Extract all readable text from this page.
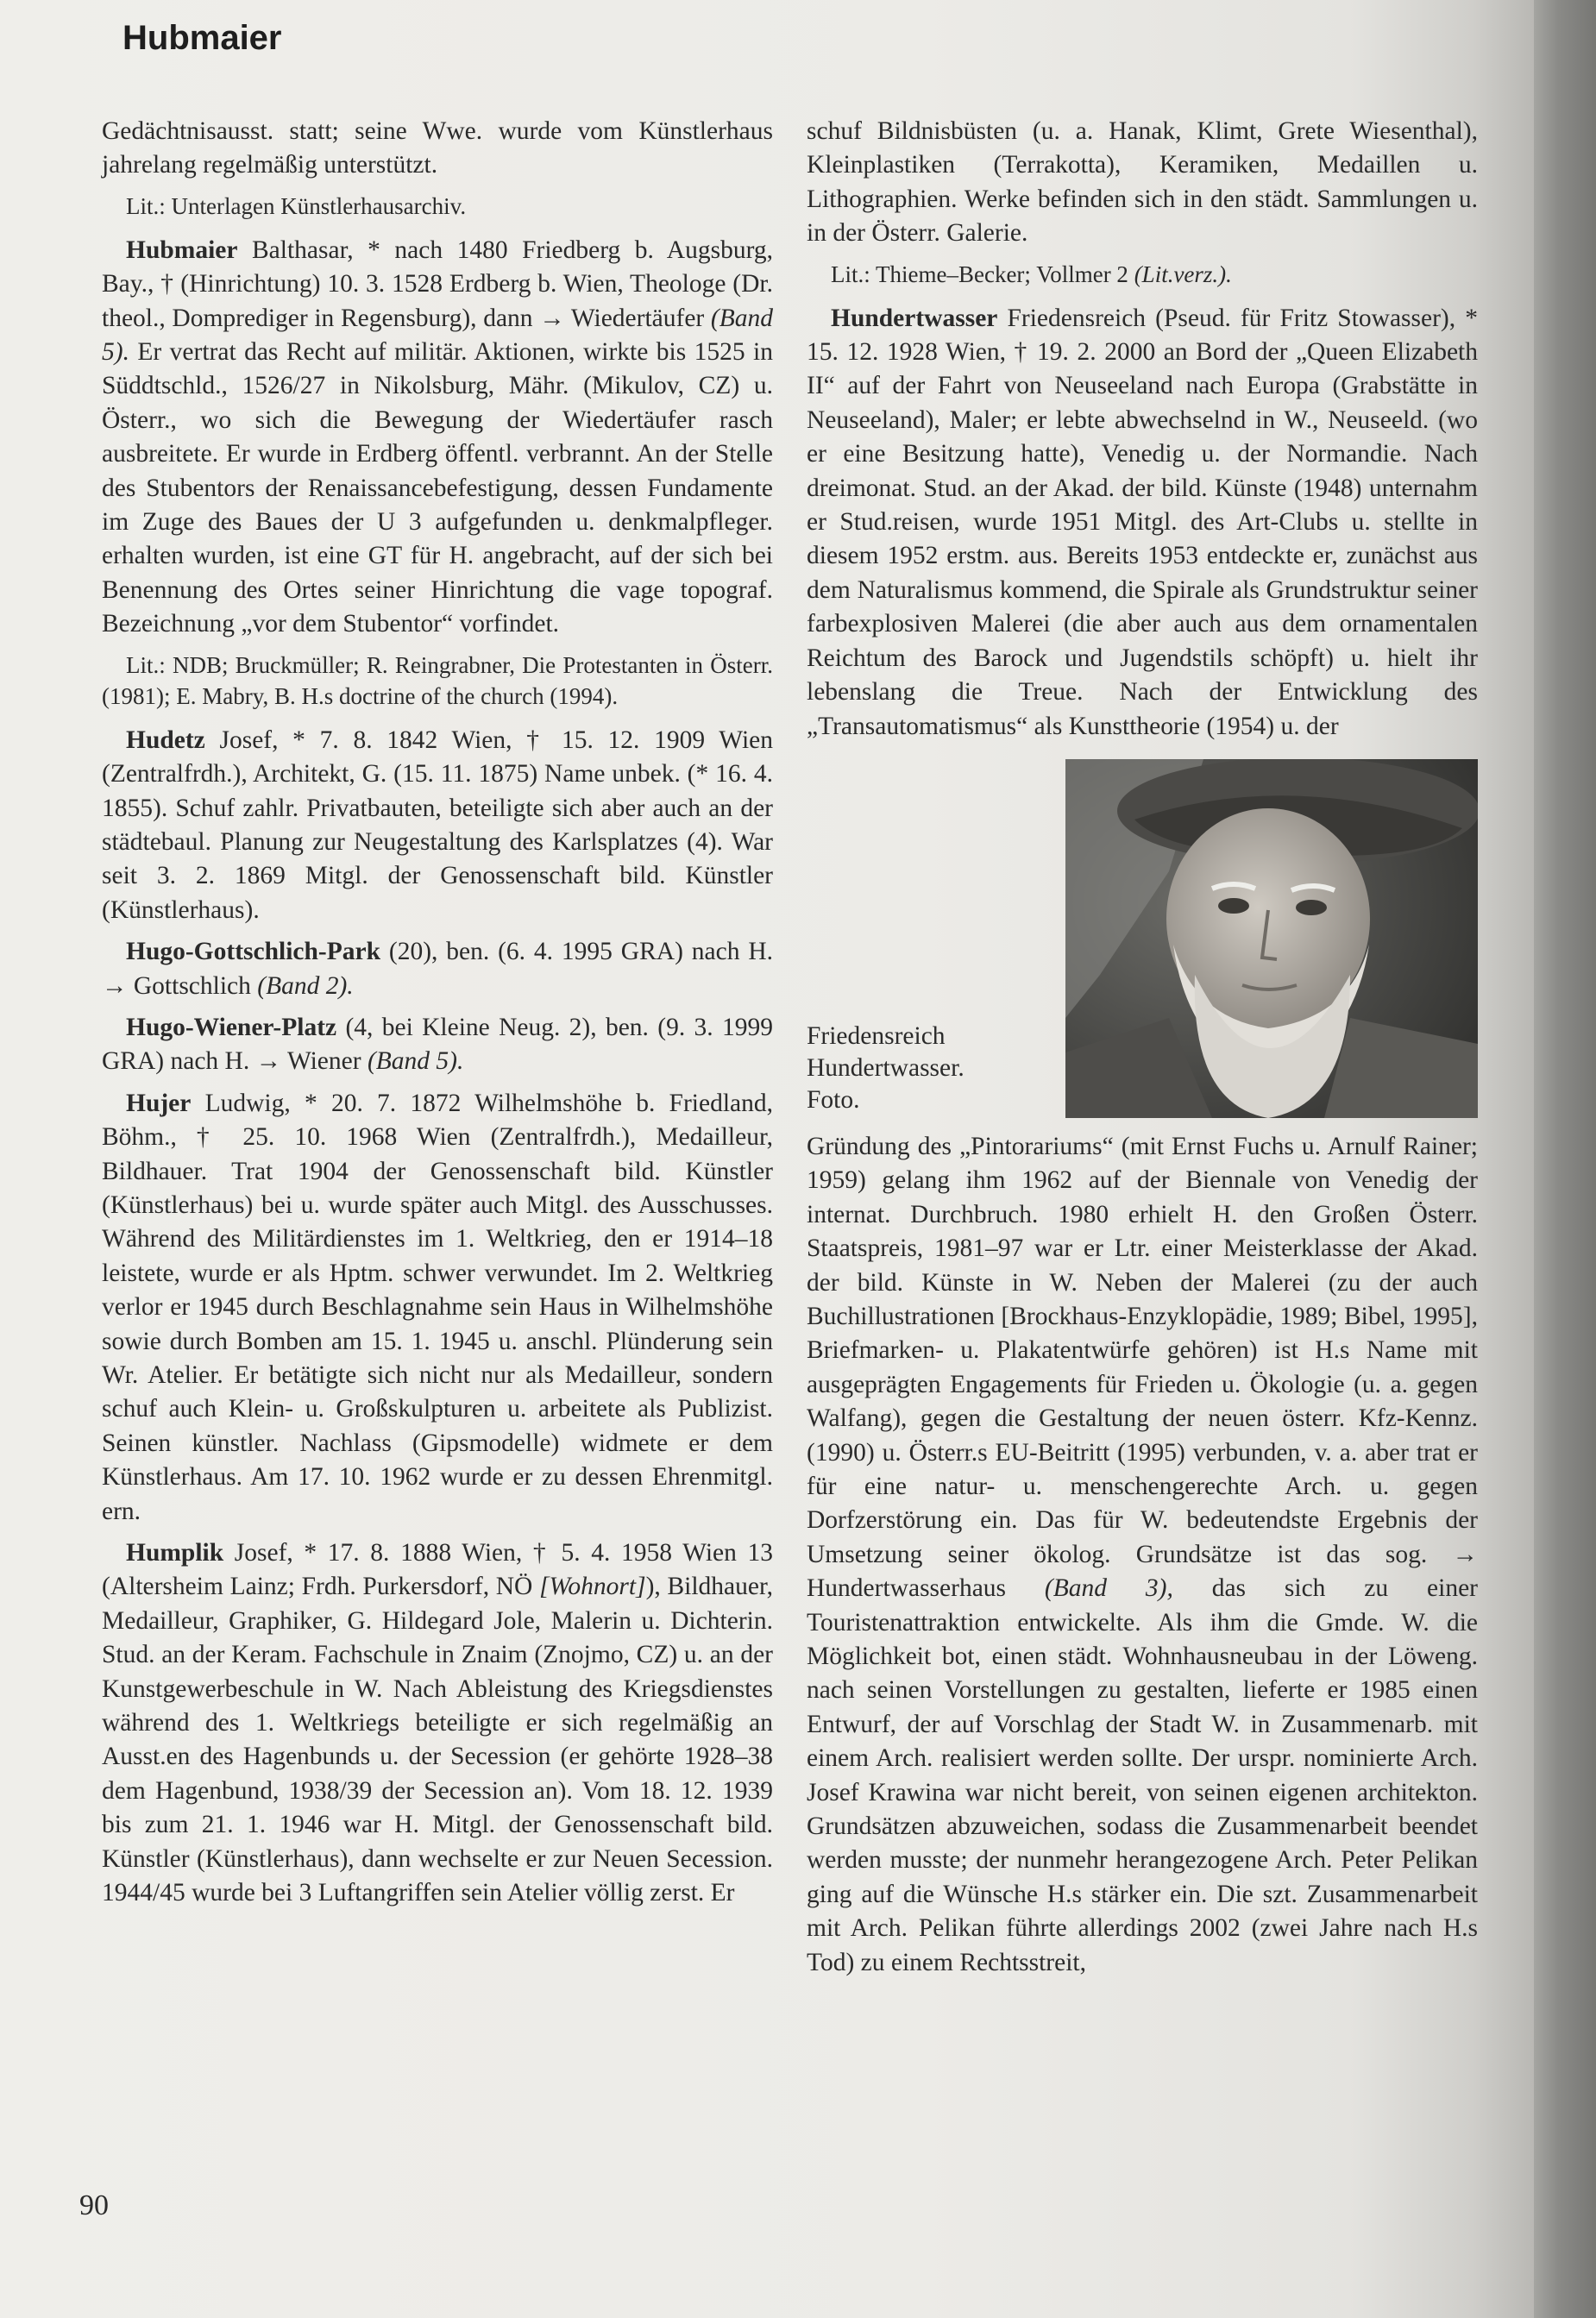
Hubmaier

Gedächtnisausst. statt; seine Wwe. wurde vom Künstlerhaus jahrelang regelmäßig unterstützt.

Lit.: Unterlagen Künstlerhausarchiv.

Hubmaier Balthasar, * nach 1480 Friedberg b. Augsburg, Bay., † (Hinrichtung) 10. 3. 1528 Erdberg b. Wien, Theologe (Dr. theol., Domprediger in Regensburg), dann → Wiedertäufer (Band 5). Er vertrat das Recht auf militär. Aktionen, wirkte bis 1525 in Süddtschld., 1526/27 in Nikolsburg, Mähr. (Mikulov, CZ) u. Österr., wo sich die Bewegung der Wiedertäufer rasch ausbreitete. Er wurde in Erdberg öffentl. verbrannt. An der Stelle des Stubentors der Renaissancebefestigung, dessen Fundamente im Zuge des Baues der U 3 aufgefunden u. denkmalpfleger. erhalten wurden, ist eine GT für H. angebracht, auf der sich bei Benennung des Ortes seiner Hinrichtung die vage topograf. Bezeichnung „vor dem Stubentor“ vorfindet.

Lit.: NDB; Bruckmüller; R. Reingrabner, Die Protestanten in Österr. (1981); E. Mabry, B. H.s doctrine of the church (1994).

Hudetz Josef, * 7. 8. 1842 Wien, † 15. 12. 1909 Wien (Zentralfrdh.), Architekt, G. (15. 11. 1875) Name unbek. (* 16. 4. 1855). Schuf zahlr. Privatbauten, beteiligte sich aber auch an der städtebaul. Planung zur Neugestaltung des Karlsplatzes (4). War seit 3. 2. 1869 Mitgl. der Genossenschaft bild. Künstler (Künstlerhaus).

Hugo-Gottschlich-Park (20), ben. (6. 4. 1995 GRA) nach H. → Gottschlich (Band 2).

Hugo-Wiener-Platz (4, bei Kleine Neug. 2), ben. (9. 3. 1999 GRA) nach H. → Wiener (Band 5).

Hujer Ludwig, * 20. 7. 1872 Wilhelmshöhe b. Friedland, Böhm., † 25. 10. 1968 Wien (Zentralfrdh.), Medailleur, Bildhauer. Trat 1904 der Genossenschaft bild. Künstler (Künstlerhaus) bei u. wurde später auch Mitgl. des Ausschusses. Während des Militärdienstes im 1. Weltkrieg, den er 1914–18 leistete, wurde er als Hptm. schwer verwundet. Im 2. Weltkrieg verlor er 1945 durch Beschlagnahme sein Haus in Wilhelmshöhe sowie durch Bomben am 15. 1. 1945 u. anschl. Plünderung sein Wr. Atelier. Er betätigte sich nicht nur als Medailleur, sondern schuf auch Klein- u. Großskulpturen u. arbeitete als Publizist. Seinen künstler. Nachlass (Gipsmodelle) widmete er dem Künstlerhaus. Am 17. 10. 1962 wurde er zu dessen Ehrenmitgl. ern.

Humplik Josef, * 17. 8. 1888 Wien, † 5. 4. 1958 Wien 13 (Altersheim Lainz; Frdh. Purkersdorf, NÖ [Wohnort]), Bildhauer, Medailleur, Graphiker, G. Hildegard Jole, Malerin u. Dichterin. Stud. an der Keram. Fachschule in Znaim (Znojmo, CZ) u. an der Kunstgewerbeschule in W. Nach Ableistung des Kriegsdienstes während des 1. Weltkriegs beteiligte er sich regelmäßig an Ausst.en des Hagenbunds u. der Secession (er gehörte 1928–38 dem Hagenbund, 1938/39 der Secession an). Vom 18. 12. 1939 bis zum 21. 1. 1946 war H. Mitgl. der Genossenschaft bild. Künstler (Künstlerhaus), dann wechselte er zur Neuen Secession. 1944/45 wurde bei 3 Luftangriffen sein Atelier völlig zerst. Er

schuf Bildnisbüsten (u. a. Hanak, Klimt, Grete Wiesenthal), Kleinplastiken (Terrakotta), Keramiken, Medaillen u. Lithographien. Werke befinden sich in den städt. Sammlungen u. in der Österr. Galerie.

Lit.: Thieme–Becker; Vollmer 2 (Lit.verz.).

Hundertwasser Friedensreich (Pseud. für Fritz Stowasser), * 15. 12. 1928 Wien, † 19. 2. 2000 an Bord der „Queen Elizabeth II“ auf der Fahrt von Neuseeland nach Europa (Grabstätte in Neuseeland), Maler; er lebte abwechselnd in W., Neuseeld. (wo er eine Besitzung hatte), Venedig u. der Normandie. Nach dreimonat. Stud. an der Akad. der bild. Künste (1948) unternahm er Stud.reisen, wurde 1951 Mitgl. des Art-Clubs u. stellte in diesem 1952 erstm. aus. Bereits 1953 entdeckte er, zunächst aus dem Naturalismus kommend, die Spirale als Grundstruktur seiner farbexplosiven Malerei (die aber auch aus dem ornamentalen Reichtum des Barock und Jugendstils schöpft) u. hielt ihr lebenslang die Treue. Nach der Entwicklung des „Transautomatismus“ als Kunsttheorie (1954) u. der

Friedensreich
Hundertwasser.
Foto.

Gründung des „Pintorariums“ (mit Ernst Fuchs u. Arnulf Rainer; 1959) gelang ihm 1962 auf der Biennale von Venedig der internat. Durchbruch. 1980 erhielt H. den Großen Österr. Staatspreis, 1981–97 war er Ltr. einer Meisterklasse der Akad. der bild. Künste in W. Neben der Malerei (zu der auch Buchillustrationen [Brockhaus-Enzyklopädie, 1989; Bibel, 1995], Briefmarken- u. Plakatentwürfe gehören) ist H.s Name mit ausgeprägten Engagements für Frieden u. Ökologie (u. a. gegen Walfang), gegen die Gestaltung der neuen österr. Kfz-Kennz. (1990) u. Österr.s EU-Beitritt (1995) verbunden, v. a. aber trat er für eine natur- u. menschengerechte Arch. u. gegen Dorfzerstörung ein. Das für W. bedeutendste Ergebnis der Umsetzung seiner ökolog. Grundsätze ist das sog. → Hundertwasserhaus (Band 3), das sich zu einer Touristenattraktion entwickelte. Als ihm die Gmde. W. die Möglichkeit bot, einen städt. Wohnhausneubau in der Löweng. nach seinen Vorstellungen zu gestalten, lieferte er 1985 einen Entwurf, der auf Vorschlag der Stadt W. in Zusammenarb. mit einem Arch. realisiert werden sollte. Der urspr. nominierte Arch. Josef Krawina war nicht bereit, von seinen eigenen architekton. Grundsätzen abzuweichen, sodass die Zusammenarbeit beendet werden musste; der nunmehr herangezogene Arch. Peter Pelikan ging auf die Wünsche H.s stärker ein. Die szt. Zusammenarbeit mit Arch. Pelikan führte allerdings 2002 (zwei Jahre nach H.s Tod) zu einem Rechtsstreit,

90
